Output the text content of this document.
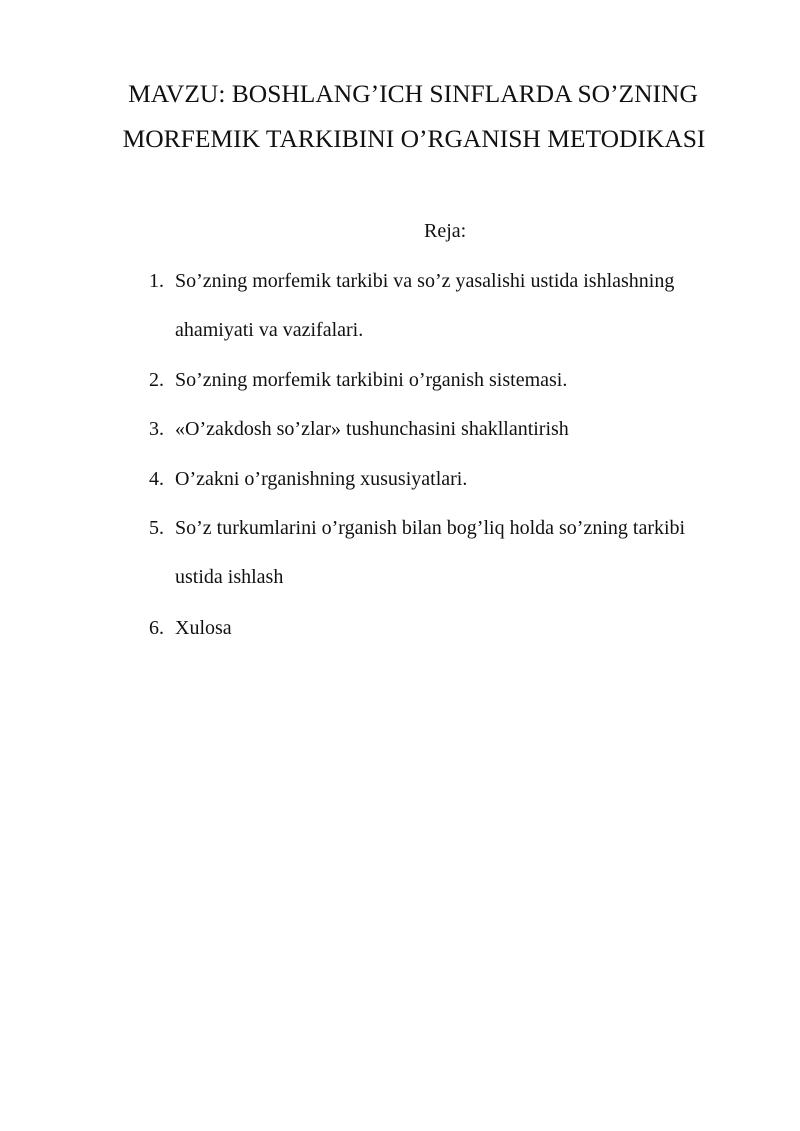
MAVZU: BOSHLANG’ICH SINFLARDA SO’ZNING
MORFEMIK TARKIBINI O’RGANISH METODIKASI
Reja:
1. So’zning morfemik tarkibi va so’z yasalishi ustida ishlashning
ahamiyati va vazifalari.
2. So’zning morfemik tarkibini o’rganish sistemasi.
3. «O’zakdosh so’zlar» tushunchasini shakllantirish
4. O’zakni o’rganishning xususiyatlari.
5. So’z turkumlarini o’rganish bilan bog’liq holda so’zning tarkibi
ustida ishlash
6. Xulosa
